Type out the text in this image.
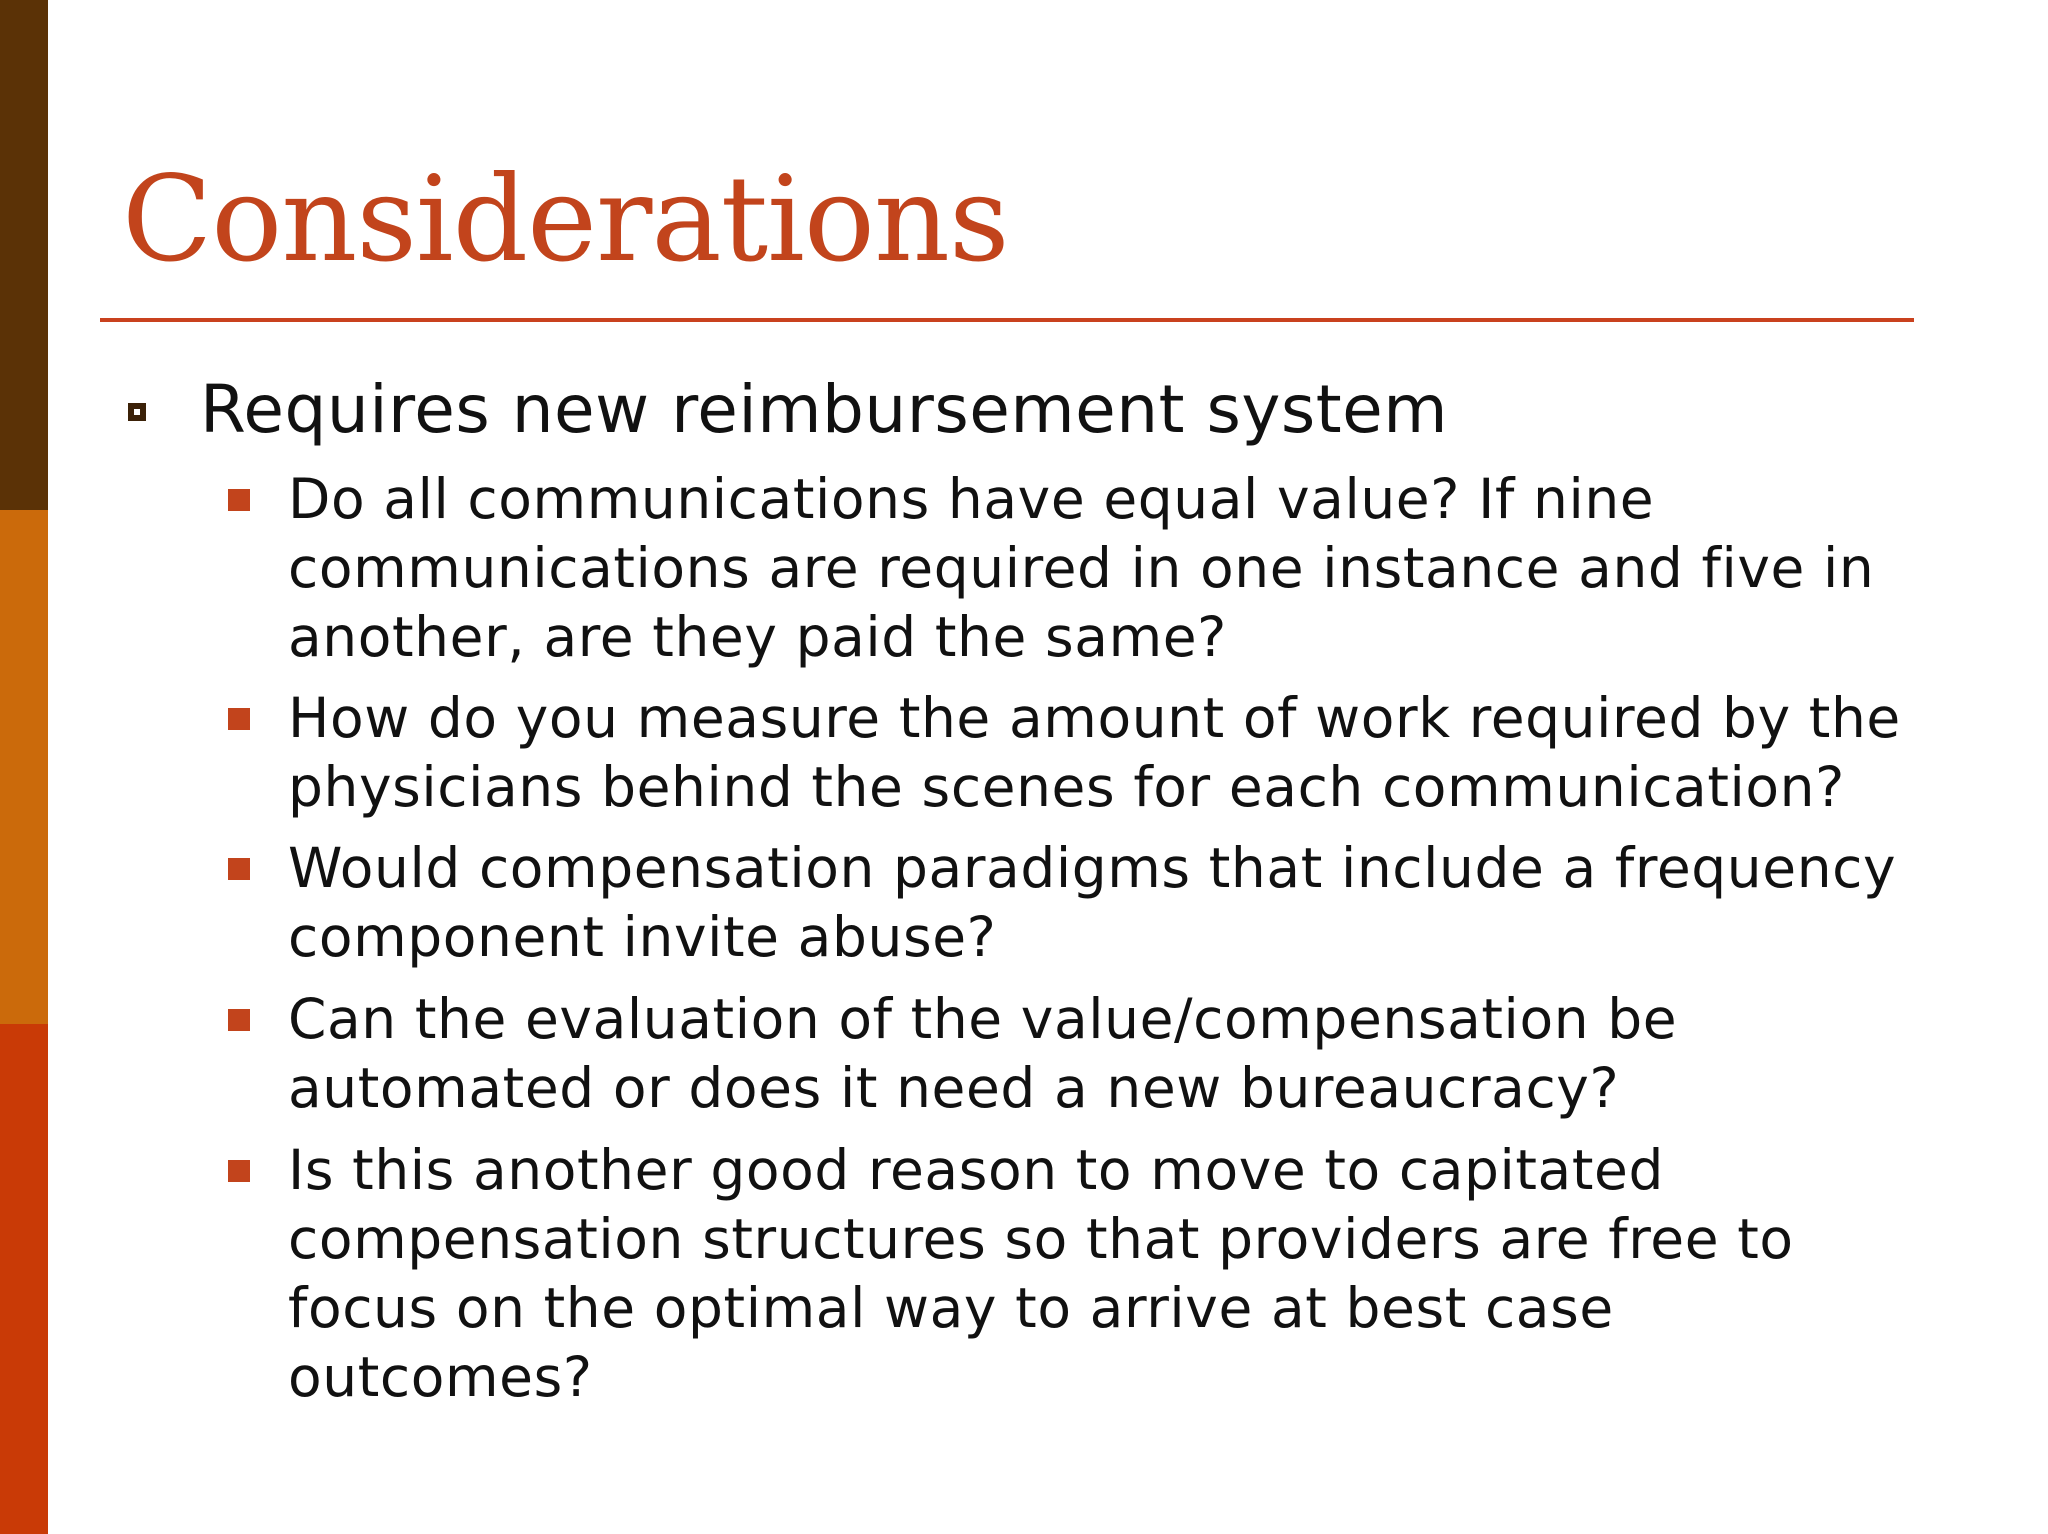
Considerations
Requires new reimbursement system
Do all communications have equal value? If nine
communications are required in one instance and five in
another, are they paid the same?
How do you measure the amount of work required by the
physicians behind the scenes for each communication?
Would compensation paradigms that include a frequency
component invite abuse?
Can the evaluation of the value/compensation be
automated or does it need a new bureaucracy?
Is this another good reason to move to capitated
compensation structures so that providers are free to
focus on the optimal way to arrive at best case
outcomes?
